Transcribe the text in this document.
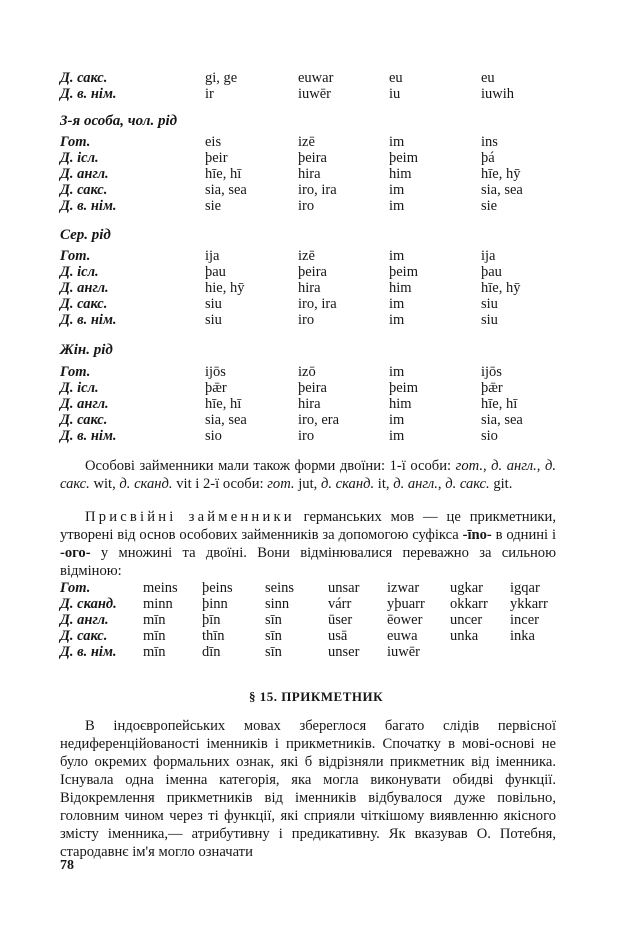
Д. сакс.	gi, ge	euwar	eu	eu
Д. в. нім.	ir	iuwēr	iu	iuwih
3-я особа, чол. рід
Гот.	eis	izē	im	ins
Д. ісл.	þeir	þeira	þeim	þá
Д. англ.	hīe, hī	hira	him	hīe, hȳ
Д. сакс.	sia, sea	iro, ira	im	sia, sea
Д. в. нім.	sie	iro	im	sie
Сер. рід
Гот.	ija	izē	im	ija
Д. ісл.	þau	þeira	þeim	þau
Д. англ.	hie, hȳ	hira	him	hīe, hȳ
Д. сакс.	siu	iro, ira	im	siu
Д. в. нім.	siu	iro	im	siu
Жін. рід
Гот.	ijōs	izō	im	ijōs
Д. ісл.	þǣr	þeira	þeim	þǣr
Д. англ.	hīe, hī	hira	him	hīe, hī
Д. сакс.	sia, sea	iro, era	im	sia, sea
Д. в. нім.	sio	iro	im	sio

Особові займенники мали також форми двоїни: 1-ї особи: гот., д. англ., д. сакс. wit, д. сканд. vit і 2-ї особи: гот. jut, д. сканд. it, д. англ., д. сакс. git.

Присвійні займенники германських мов — це прикметники, утворені від основ особових займенників за допомогою суфікса -īno- в однині і -ого- у множині та двоїні. Вони відмінювалися переважно за сильною відміною:

Гот.	meins þeins seins unsar izwar ugkar igqar
Д. сканд. minn þinn	sinn	várr yþuarr okkarr ykkarr
Д. англ. mīn	þīn	sīn	ūser ēower uncer incer
Д. сакс. mīn	thīn	sīn	usā	euwa unka inka
Д. в. нім. mīn	dīn	sīn	unser iuwēr
§ 15. ПРИКМЕТНИК

В індоєвропейських мовах збереглося багато слідів первісної недиференційованості іменників і прикметників. Спочатку в мові-основі не було окремих формальних ознак, які б відрізняли прикметник від іменника. Існувала одна іменна категорія, яка могла виконувати обидві функції. Відокремлення прикметників від іменників відбувалося дуже повільно, головним чином через ті функції, які сприяли чіткішому виявленню якісного змісту іменника,— атрибутивну і предикативну. Як вказував О. Потебня, стародавнє ім'я могло означати

78
